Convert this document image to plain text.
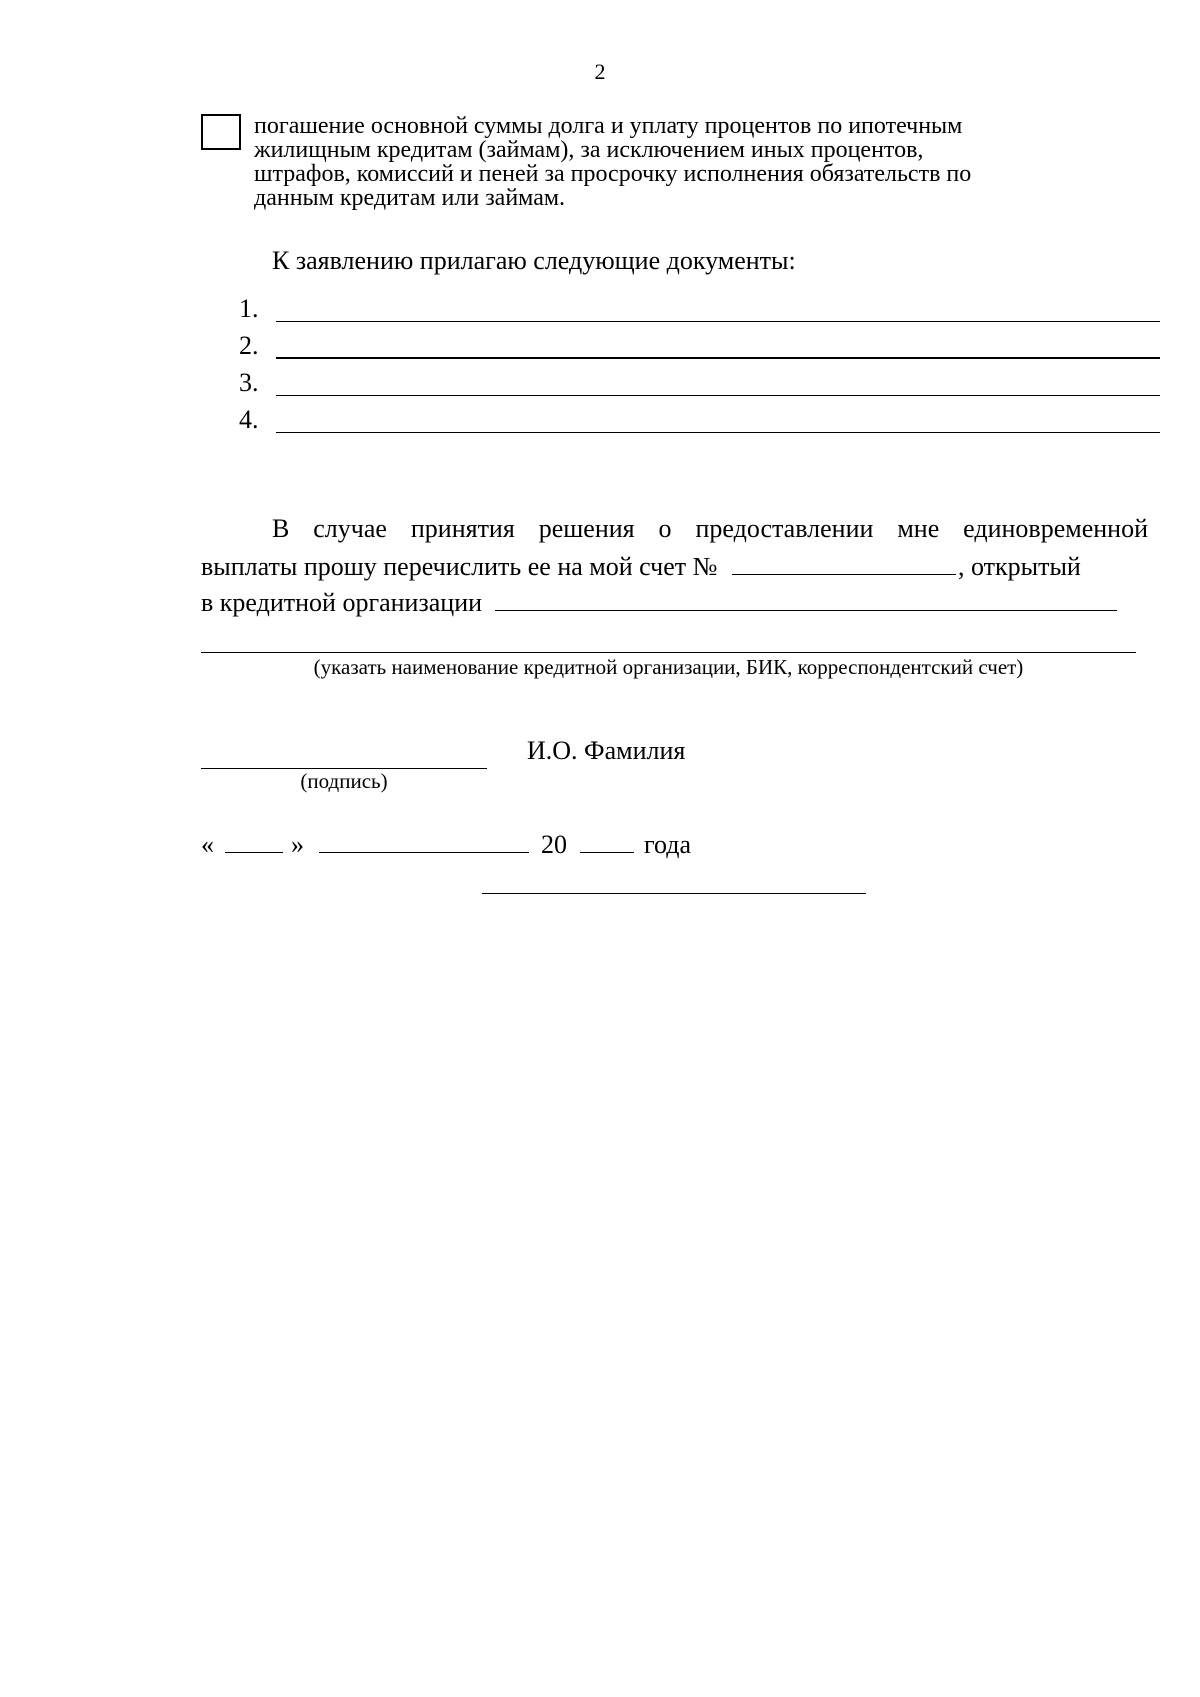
2
погашение основной суммы долга и уплату процентов по ипотечным
жилищным кредитам (займам), за исключением иных процентов,
штрафов, комиссий и пеней за просрочку исполнения обязательств по
данным кредитам или займам.
К заявлению прилагаю следующие документы:
1.
2.
3.
4.
В случае принятия решения о предоставлении мне единовременной
выплаты прошу перечислить ее на мой счет №	, открытый
в кредитной организации
(указать наименование кредитной организации, БИК, корреспондентский счет)
(подпись)
И.О. Фамилия
«	»	20	года
